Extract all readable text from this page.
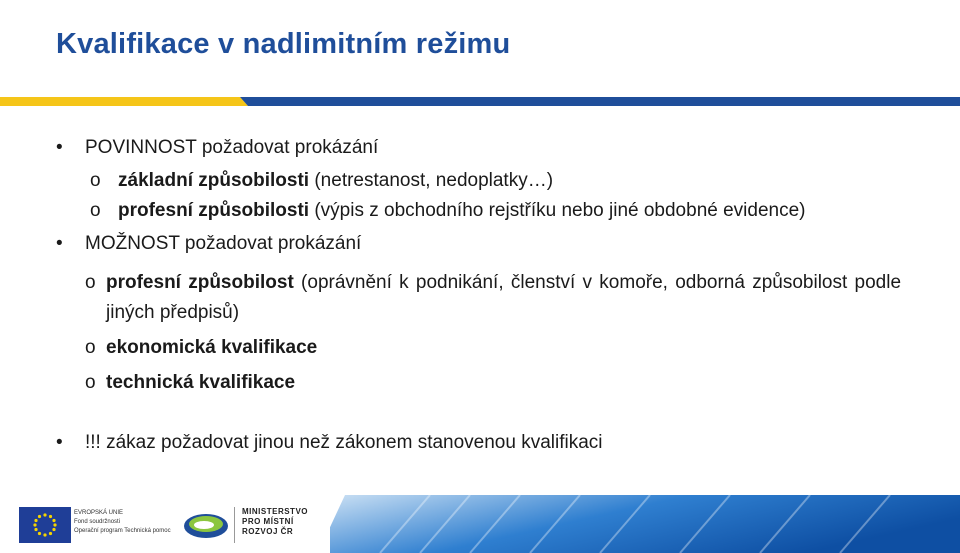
Kvalifikace v nadlimitním režimu
• POVINNOST požadovat prokázání
o základní způsobilosti (netrestanost, nedoplatky…)
o profesní způsobilosti (výpis z obchodního rejstříku nebo jiné obdobné evidence)
• MOŽNOST požadovat prokázání
o profesní způsobilost (oprávnění k podnikání, členství v komoře, odborná způsobilost podle jiných předpisů)
o ekonomická kvalifikace
o technická kvalifikace
• !!! zákaz požadovat jinou než zákonem stanovenou kvalifikaci
EVROPSKÁ UNIE
Fond soudržnosti
Operační program Technická pomoc
MINISTERSTVO
PRO MÍSTNÍ
ROZVOJ ČR
